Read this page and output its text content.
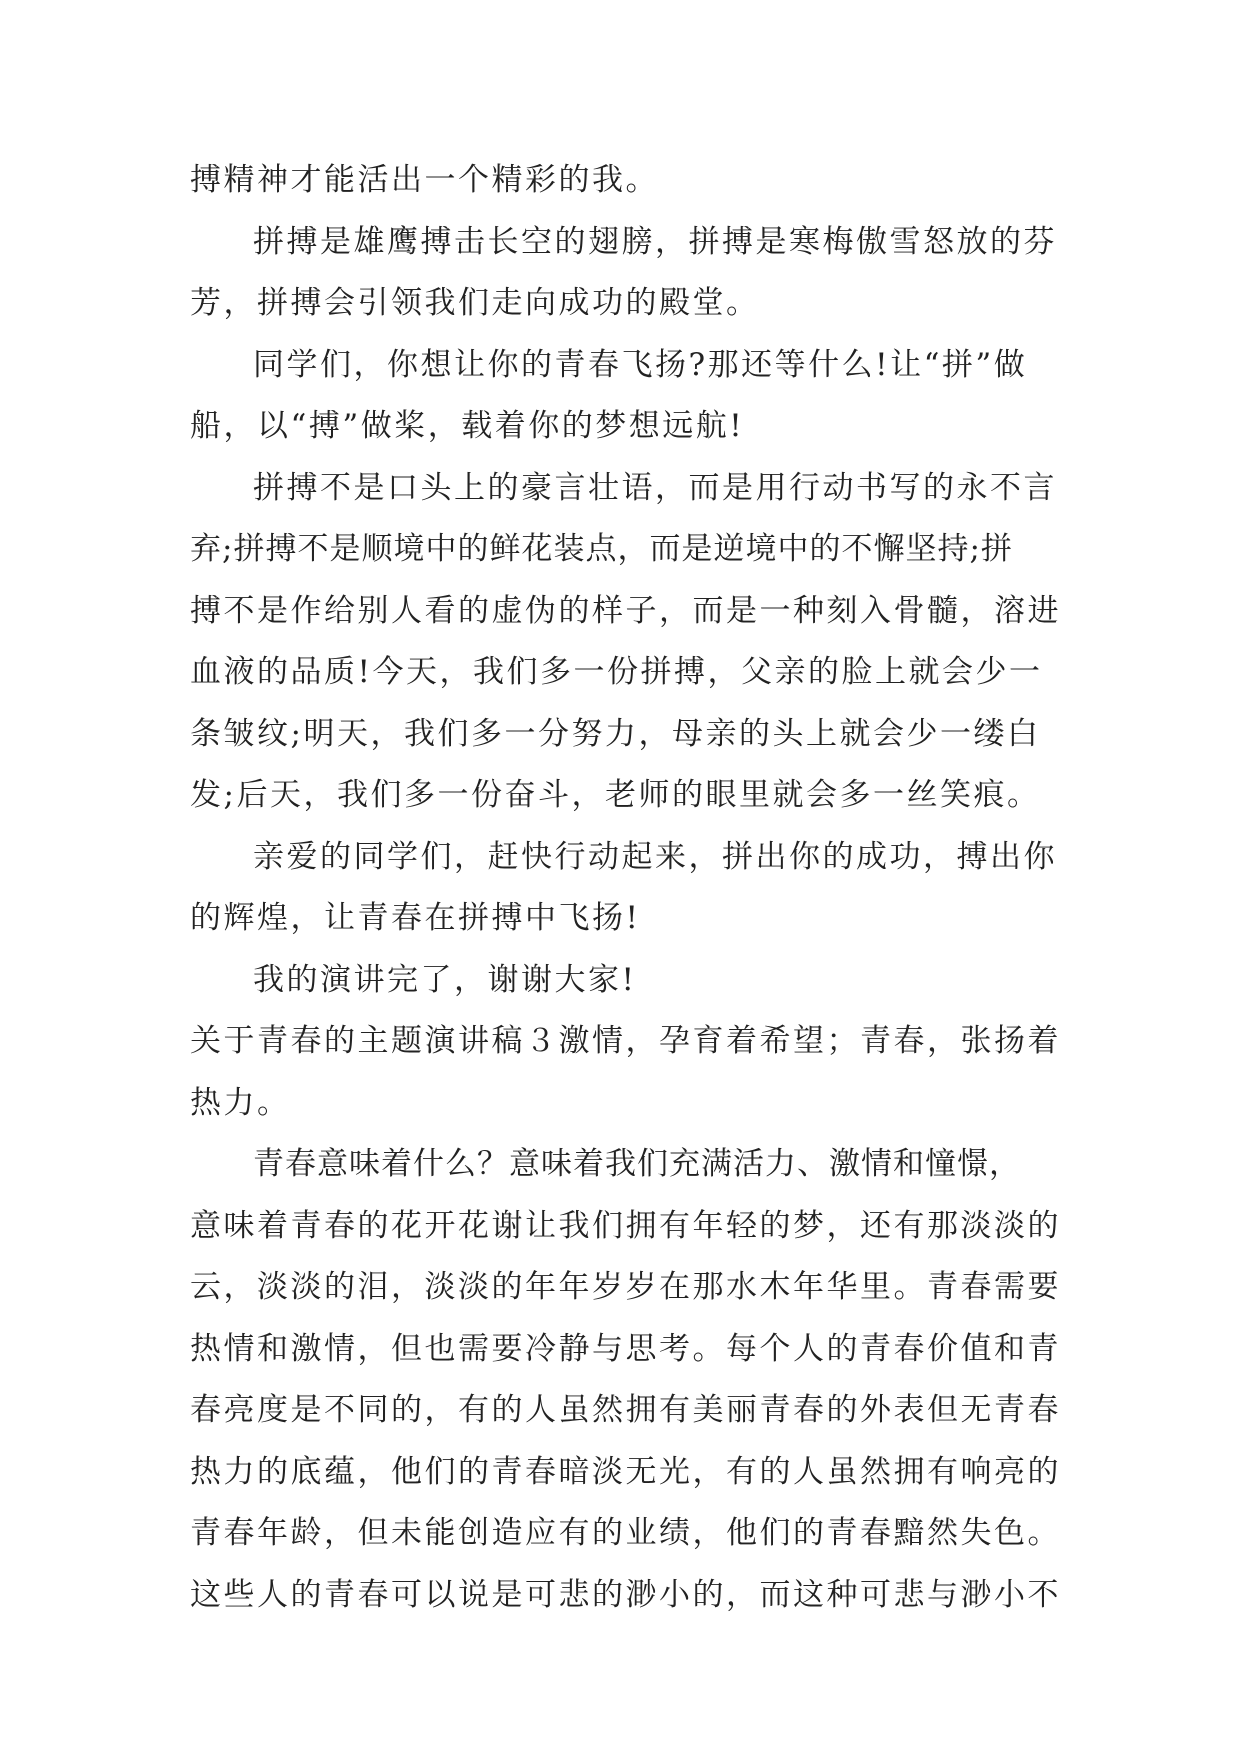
搏精神才能活出一个精彩的我。
拼搏是雄鹰搏击长空的翅膀，拼搏是寒梅傲雪怒放的芬
芳，拼搏会引领我们走向成功的殿堂。
同学们，你想让你的青春飞扬?那还等什么!让“拼”做
船，以“搏”做桨，载着你的梦想远航!
拼搏不是口头上的豪言壮语，而是用行动书写的永不言
弃;拼搏不是顺境中的鲜花装点，而是逆境中的不懈坚持;拼
搏不是作给别人看的虚伪的样子，而是一种刻入骨髓，溶进
血液的品质!今天，我们多一份拼搏，父亲的脸上就会少一
条皱纹;明天，我们多一分努力，母亲的头上就会少一缕白
发;后天，我们多一份奋斗，老师的眼里就会多一丝笑痕。
亲爱的同学们，赶快行动起来，拼出你的成功，搏出你
的辉煌，让青春在拼搏中飞扬!
我的演讲完了，谢谢大家!
关于青春的主题演讲稿３激情，孕育着希望；青春，张扬着
热力。
青春意味着什么？意味着我们充满活力、激情和憧憬，
意味着青春的花开花谢让我们拥有年轻的梦，还有那淡淡的
云，淡淡的泪，淡淡的年年岁岁在那水木年华里。青春需要
热情和激情，但也需要冷静与思考。每个人的青春价值和青
春亮度是不同的，有的人虽然拥有美丽青春的外表但无青春
热力的底蕴，他们的青春暗淡无光，有的人虽然拥有响亮的
青春年龄，但未能创造应有的业绩，他们的青春黯然失色。
这些人的青春可以说是可悲的渺小的，而这种可悲与渺小不
